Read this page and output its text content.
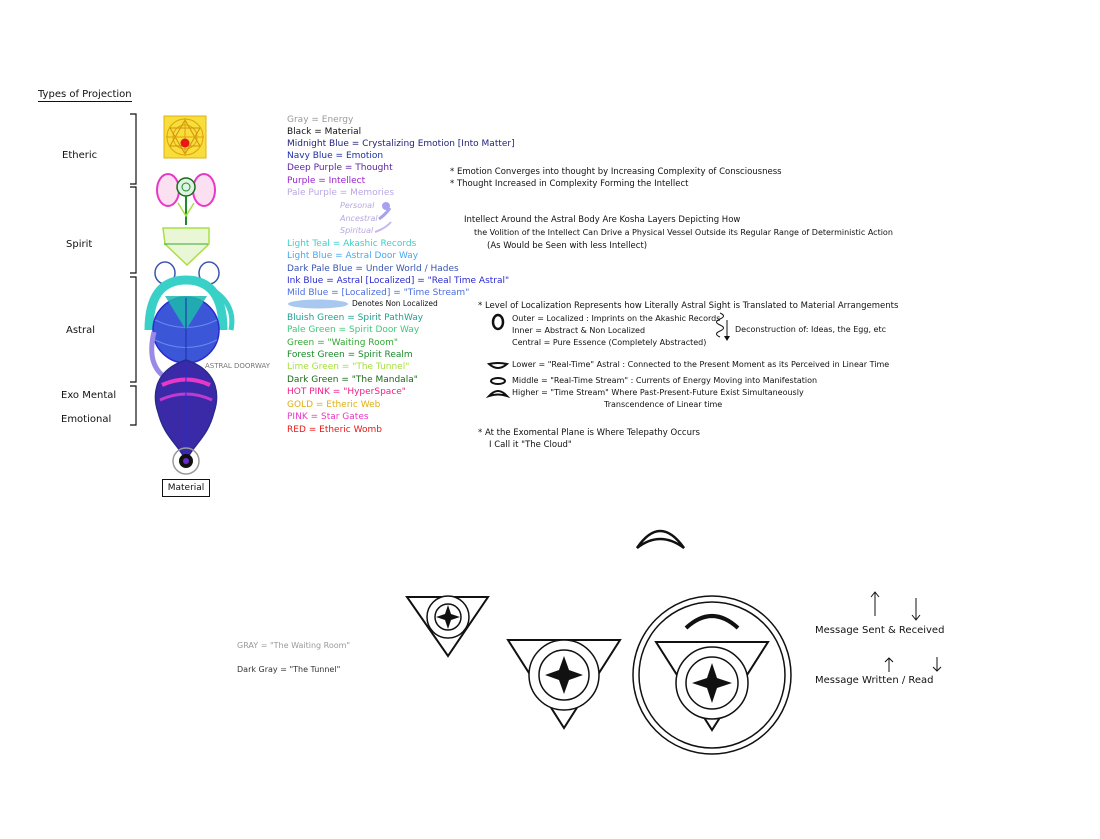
Types of Projection
Etheric
Spirit
Astral
Exo Mental
Emotional
ASTRAL DOORWAY
Material
Gray = Energy
Black = Material
Midnight Blue = Crystalizing Emotion [Into Matter]
Navy Blue = Emotion
Deep Purple = Thought
Purple = Intellect
Pale Purple = Memories
Light Teal = Akashic Records
Light Blue = Astral Door Way
Dark Pale Blue = Under World / Hades
Ink Blue = Astral [Localized] = "Real Time Astral"
Mild Blue = [Localized] = "Time Stream"
Bluish Green = Spirit PathWay
Pale Green = Spirit Door Way
Green = "Waiting Room"
Forest Green = Spirit Realm
Lime Green = "The Tunnel"
Dark Green = "The Mandala"
HOT PINK = "HyperSpace"
GOLD = Etheric Web
PINK = Star Gates
RED = Etheric Womb
Personal
Ancestral
Spiritual
Denotes Non Localized
* Emotion Converges into thought by Increasing Complexity of Consciousness
* Thought Increased in Complexity Forming the Intellect
Intellect Around the Astral Body Are Kosha Layers Depicting How
the Volition of the Intellect Can Drive a Physical Vessel Outside its Regular Range of Deterministic Action
(As Would be Seen with less Intellect)
* Level of Localization Represents how Literally Astral Sight is Translated to Material Arrangements
Outer = Localized : Imprints on the Akashic Records
Inner = Abstract & Non Localized
Central = Pure Essence (Completely Abstracted)
Deconstruction of: Ideas, the Egg, etc
Lower = "Real-Time" Astral : Connected to the Present Moment as its Perceived in Linear Time
Middle = "Real-Time Stream" : Currents of Energy Moving into Manifestation
Higher = "Time Stream" Where Past-Present-Future Exist Simultaneously
Transcendence of Linear time
* At the Exomental Plane is Where Telepathy Occurs
I Call it "The Cloud"
GRAY = "The Waiting Room"
Dark Gray = "The Tunnel"
Message Sent & Received
Message Written / Read
